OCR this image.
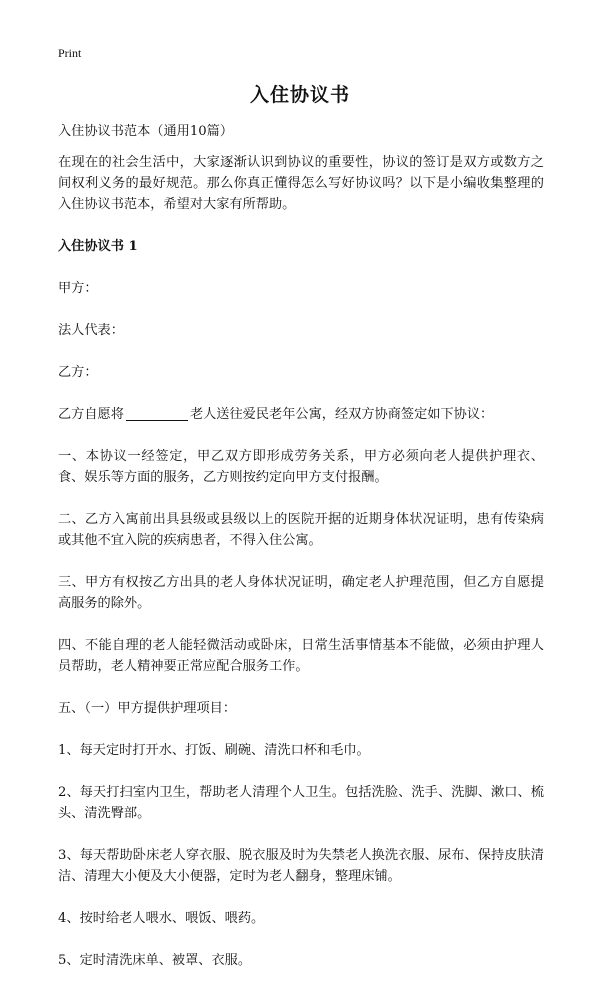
Print
入住协议书

入住协议书范本（通用10篇）

在现在的社会生活中，大家逐渐认识到协议的重要性，协议的签订是双方或数方之间权利义务的最好规范。那么你真正懂得怎么写好协议吗？以下是小编收集整理的入住协议书范本，希望对大家有所帮助。

入住协议书 1

甲方：

法人代表：

乙方：

乙方自愿将	老人送往爱民老年公寓，经双方协商签定如下协议：

一、本协议一经签定，甲乙双方即形成劳务关系，甲方必须向老人提供护理衣、食、娱乐等方面的服务，乙方则按约定向甲方支付报酬。

二、乙方入寓前出具县级或县级以上的医院开据的近期身体状况证明，患有传染病或其他不宜入院的疾病患者，不得入住公寓。

三、甲方有权按乙方出具的老人身体状况证明，确定老人护理范围，但乙方自愿提高服务的除外。

四、不能自理的老人能轻微活动或卧床，日常生活事情基本不能做，必须由护理人员帮助，老人精神要正常应配合服务工作。

五、（一）甲方提供护理项目：

1、每天定时打开水、打饭、刷碗、清洗口杯和毛巾。

2、每天打扫室内卫生，帮助老人清理个人卫生。包括洗脸、洗手、洗脚、漱口、梳头、清洗臀部。

3、每天帮助卧床老人穿衣服、脱衣服及时为失禁老人换洗衣服、尿布、保持皮肤清洁、清理大小便及大小便器，定时为老人翻身，整理床铺。

4、按时给老人喂水、喂饭、喂药。

5、定时清洗床单、被罩、衣服。
